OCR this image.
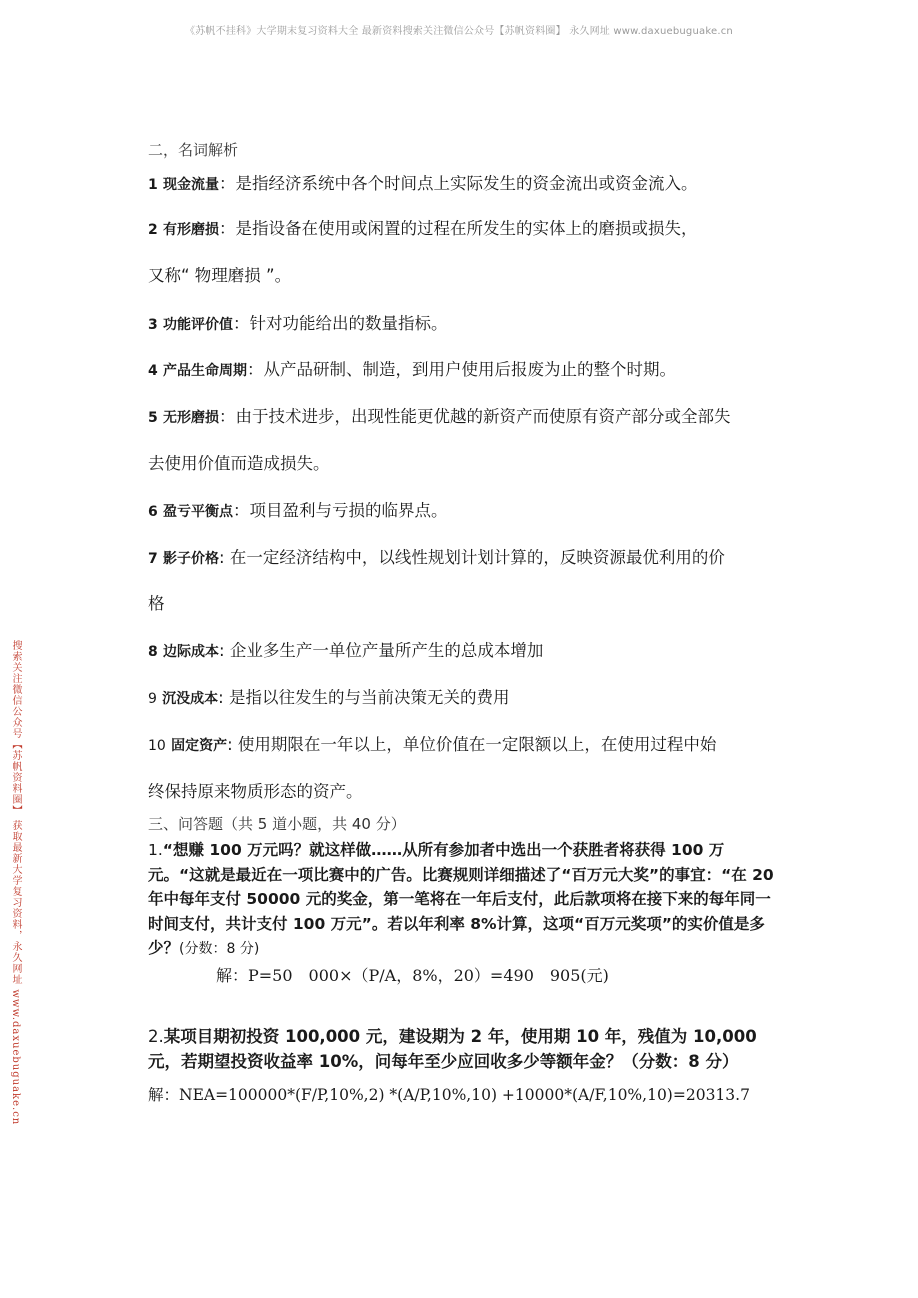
《苏帆不挂科》大学期末复习资料大全 最新资料搜索关注微信公众号【苏帆资料圈】 永久网址 www.daxuebuguake.cn
搜索关注微信公众号【苏帆资料圈】 获取最新大学复习资料，永久网址 www.daxuebuguake.cn
二，名词解析
1 现金流量：是指经济系统中各个时间点上实际发生的资金流出或资金流入。
2 有形磨损：是指设备在使用或闲置的过程在所发生的实体上的磨损或损失，
又称“ 物理磨损 ”。
3 功能评价值：针对功能给出的数量指标。
4 产品生命周期：从产品研制、制造，到用户使用后报废为止的整个时期。
5 无形磨损：由于技术进步，出现性能更优越的新资产而使原有资产部分或全部失
去使用价值而造成损失。
6 盈亏平衡点：项目盈利与亏损的临界点。
7 影子价格: 在一定经济结构中，以线性规划计划计算的，反映资源最优利用的价
格
8 边际成本: 企业多生产一单位产量所产生的总成本增加
9 沉没成本: 是指以往发生的与当前决策无关的费用
10 固定资产: 使用期限在一年以上，单位价值在一定限额以上，在使用过程中始
终保持原来物质形态的资产。
三、问答题（共 5 道小题，共 40 分）
1.“想赚 100 万元吗？就这样做……从所有参加者中选出一个获胜者将获得 100 万元。“这就是最近在一项比赛中的广告。比赛规则详细描述了“百万元大奖”的事宜：“在 20 年中每年支付 50000 元的奖金，第一笔将在一年后支付，此后款项将在接下来的每年同一时间支付，共计支付 100 万元”。若以年利率 8%计算，这项“百万元奖项”的实价值是多少？(分数：8 分)
解：P=50　000×（P/A，8%，20）=490　905(元)
2.某项目期初投资 100,000 元，建设期为 2 年，使用期 10 年，残值为 10,000 元，若期望投资收益率 10%，问每年至少应回收多少等额年金？（分数：8 分）
解：NEA=100000*(F/P,10%,2) *(A/P,10%,10) +10000*(A/F,10%,10)=20313.7
